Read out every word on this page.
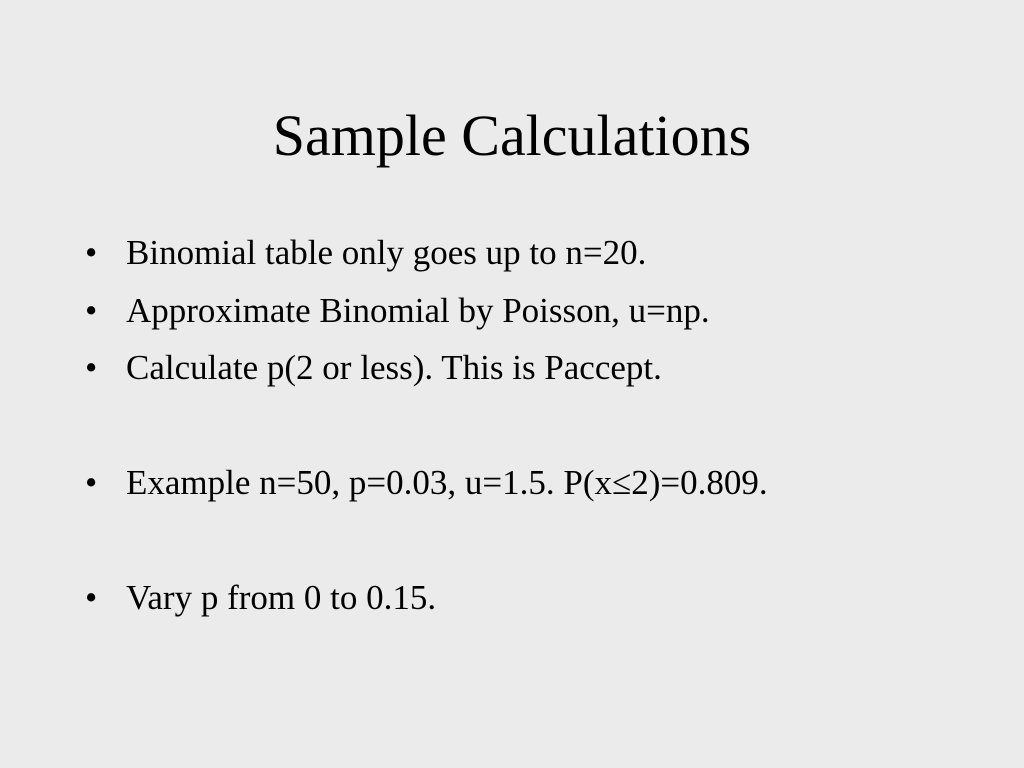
Sample Calculations
• Binomial table only goes up to n=20.
• Approximate Binomial by Poisson, u=np.
• Calculate p(2 or less). This is Paccept.
• Example n=50, p=0.03, u=1.5. P(x≤2)=0.809.
• Vary p from 0 to 0.15.
